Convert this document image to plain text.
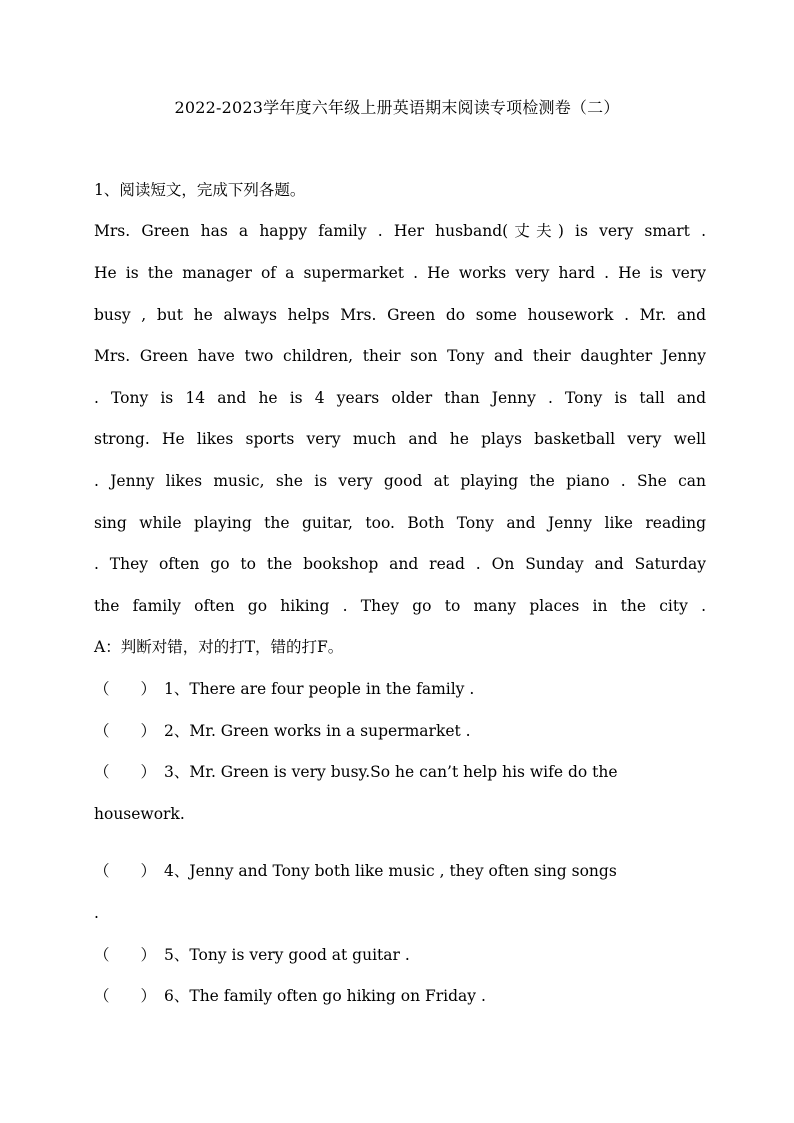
2022-2023学年度六年级上册英语期末阅读专项检测卷（二）
1、阅读短文，完成下列各题。
Mrs. Green has a happy family . Her husband(丈夫) is very smart .
He is the manager of a supermarket . He works very hard . He is very
busy , but he always helps Mrs. Green do some housework . Mr. and
Mrs. Green have two children, their son Tony and their daughter Jenny
. Tony is 14 and he is 4 years older than Jenny . Tony is tall and
strong. He likes sports very much and he plays basketball very well
. Jenny likes music, she is very good at playing the piano . She can
sing while playing the guitar, too. Both Tony and Jenny like reading
. They often go to the bookshop and read . On Sunday and Saturday
the family often go hiking . They go to many places in the city .
A：判断对错，对的打T，错的打F。
（　　） 1、There are four people in the family .
（　　） 2、Mr. Green works in a supermarket .
（　　） 3、Mr. Green is very busy.So he can’t help his wife do the
housework.
（　　） 4、Jenny and Tony both like music , they often sing songs
.
（　　） 5、Tony is very good at guitar .
（　　） 6、The family often go hiking on Friday .
